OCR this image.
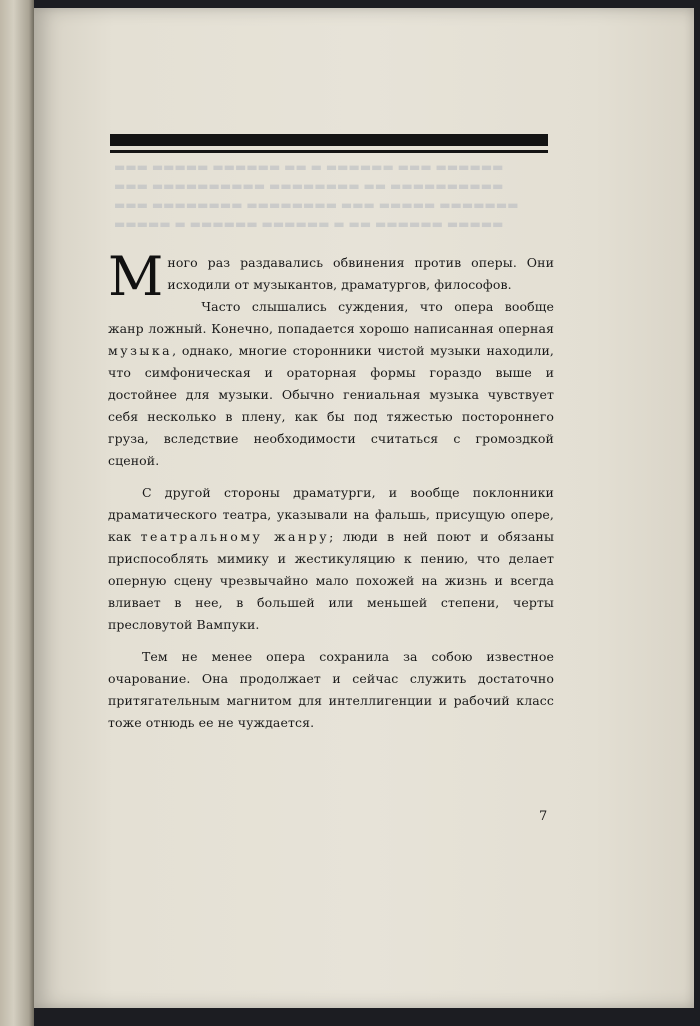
▬▬▬ ▬▬▬▬▬ ▬▬▬▬▬▬ ▬▬ ▬ ▬▬▬▬▬▬ ▬▬▬ ▬▬▬▬▬▬

▬▬▬ ▬▬▬▬▬▬▬▬▬▬ ▬▬▬▬▬▬▬▬ ▬▬ ▬▬▬▬▬▬▬▬▬▬

▬▬▬ ▬▬▬▬▬▬▬▬ ▬▬▬▬▬▬▬▬ ▬▬▬ ▬▬▬▬▬ ▬▬▬▬▬▬▬

▬▬▬▬▬ ▬ ▬▬▬▬▬▬ ▬▬▬▬▬▬ ▬ ▬▬ ▬▬▬▬▬▬ ▬▬▬▬▬

Много раз раздавались обвинения против оперы. Они исходили от музыкантов, драматургов, философов.

Часто слышались суждения, что опера вообще жанр ложный. Конечно, попадается хорошо написанная оперная музыка, однако, многие сторонники чистой музыки находили, что симфоническая и ораторная формы гораздо выше и достойнее для музыки. Обычно гениальная музыка чувствует себя несколько в плену, как бы под тяжестью постороннего груза, вследствие необходимости считаться с громоздкой сценой.

С другой стороны драматурги, и вообще поклонники драматического театра, указывали на фальшь, присущую опере, как театральному жанру; люди в ней поют и обязаны приспособлять мимику и жестикуляцию к пению, что делает оперную сцену чрезвычайно мало похожей на жизнь и всегда вливает в нее, в большей или меньшей степени, черты пресловутой Вампуки.

Тем не менее опера сохранила за собою известное очарование. Она продолжает и сейчас служить достаточно притягательным магнитом для интеллигенции и рабочий класс тоже отнюдь ее не чуждается.

7
